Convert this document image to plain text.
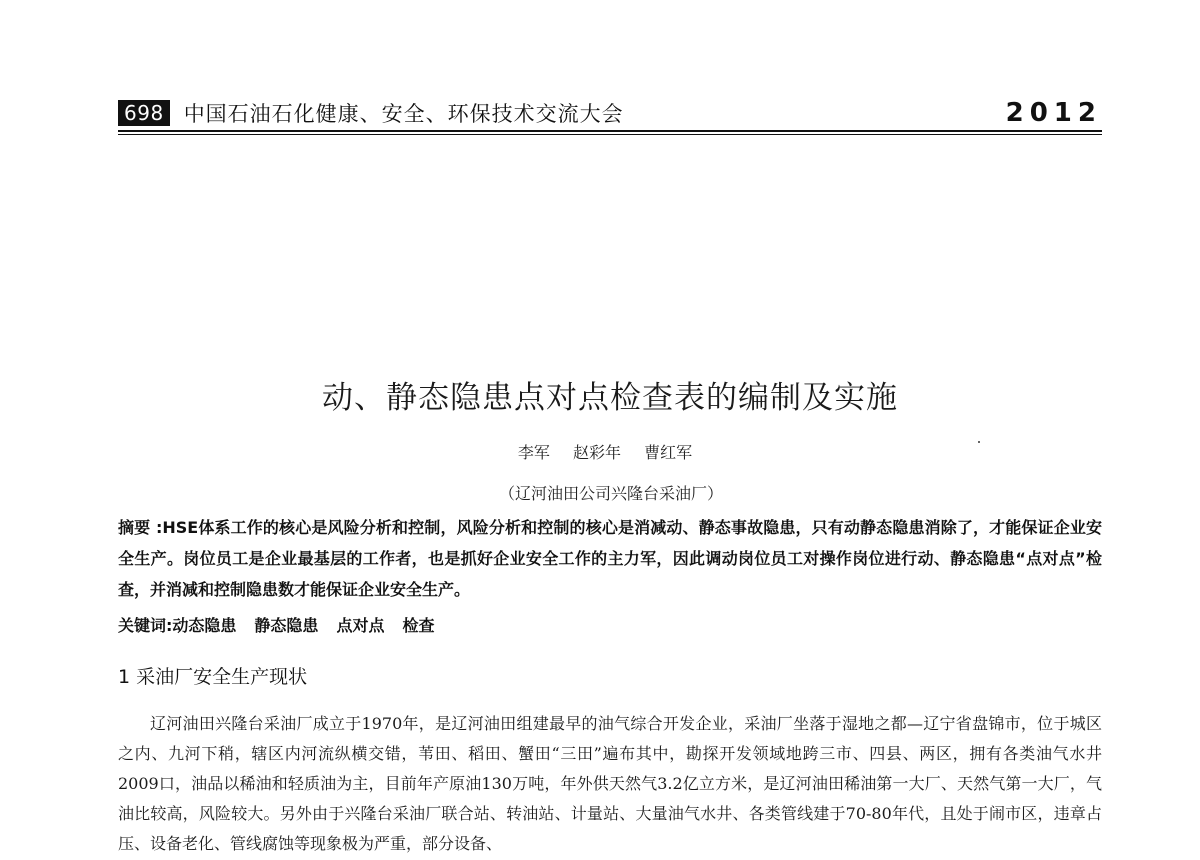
698 中国石油石化健康、安全、环保技术交流大会	2012
动、静态隐患点对点检查表的编制及实施
李军 赵彩年 曹红军
（辽河油田公司兴隆台采油厂）
摘要 :HSE体系工作的核心是风险分析和控制，风险分析和控制的核心是消减动、静态事故隐患，只有动静态隐患消除了，才能保证企业安全生产。岗位员工是企业最基层的工作者，也是抓好企业安全工作的主力军，因此调动岗位员工对操作岗位进行动、静态隐患“点对点”检查，并消减和控制隐患数才能保证企业安全生产。
关键词:动态隐患 静态隐患 点对点 检查
1 采油厂安全生产现状

辽河油田兴隆台采油厂成立于1970年，是辽河油田组建最早的油气综合开发企业，采油厂坐落于湿地之都—辽宁省盘锦市，位于城区之内、九河下稍，辖区内河流纵横交错，苇田、稻田、蟹田“三田”遍布其中，勘探开发领域地跨三市、四县、两区，拥有各类油气水井2009口，油品以稀油和轻质油为主，目前年产原油130万吨，年外供天然气3.2亿立方米，是辽河油田稀油第一大厂、天然气第一大厂，气油比较高，风险较大。另外由于兴隆台采油厂联合站、转油站、计量站、大量油气水井、各类管线建于70-80年代，且处于闹市区，违章占压、设备老化、管线腐蚀等现象极为严重，部分设备、
